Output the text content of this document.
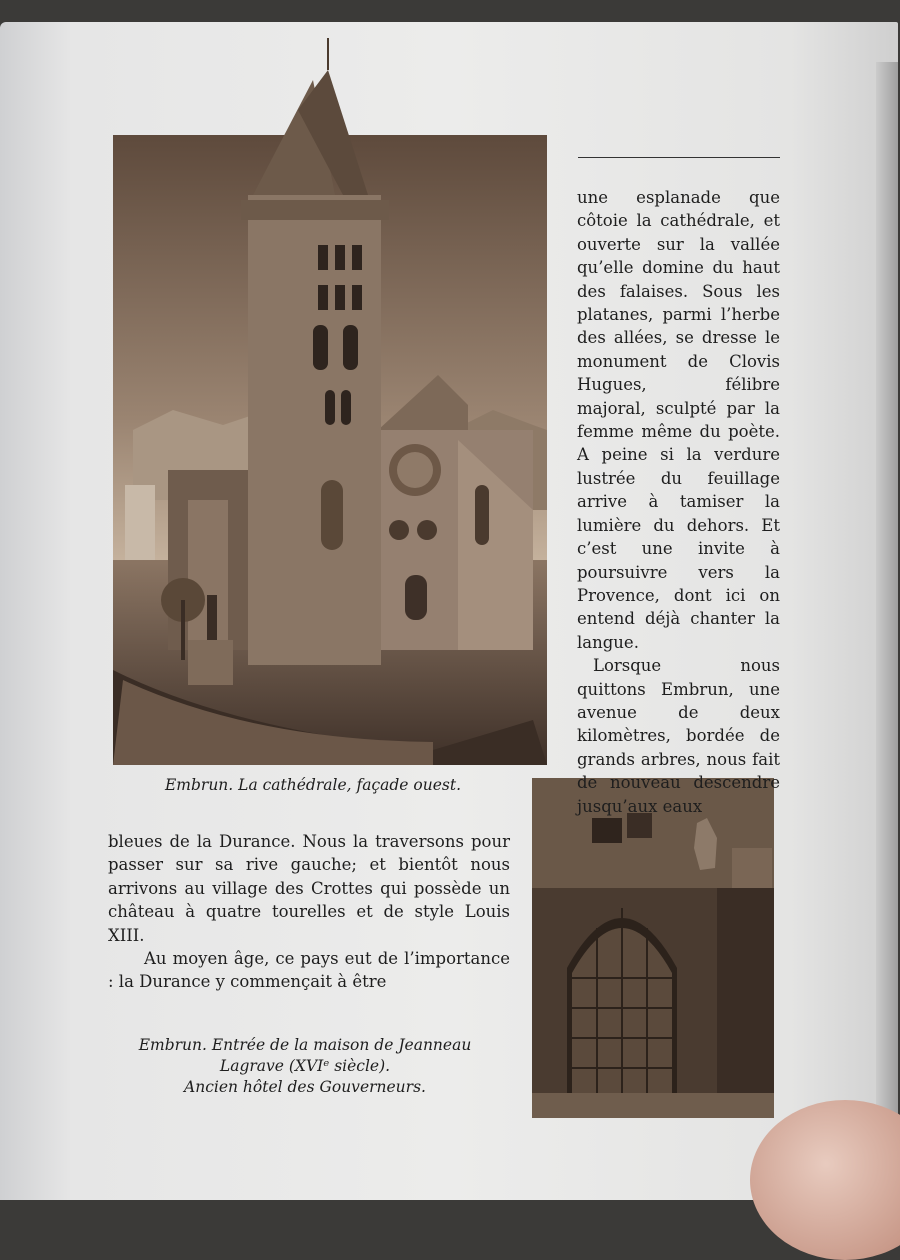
une esplanade que côtoie la cathédrale, et ouverte sur la vallée qu’elle domine du haut des falaises. Sous les platanes, parmi l’herbe des allées, se dresse le monument de Clovis Hugues, félibre majoral, sculpté par la femme même du poète. A peine si la verdure lustrée du feuillage arrive à tamiser la lumière du dehors. Et c’est une invite à poursuivre vers la Provence, dont ici on entend déjà chanter la langue.

Lorsque nous quittons Embrun, une avenue de deux kilomètres, bordée de grands arbres, nous fait de nouveau descendre jusqu’aux eaux

Embrun. La cathédrale, façade ouest.

bleues de la Durance. Nous la traversons pour passer sur sa rive gauche; et bientôt nous arrivons au village des Crottes qui possède un château à quatre tourelles et de style Louis XIII.

Au moyen âge, ce pays eut de l’importance : la Durance y commençait à être

Embrun. Entrée de la maison de Jeanneau
Lagrave (XVIᵉ siècle).
Ancien hôtel des Gouverneurs.
